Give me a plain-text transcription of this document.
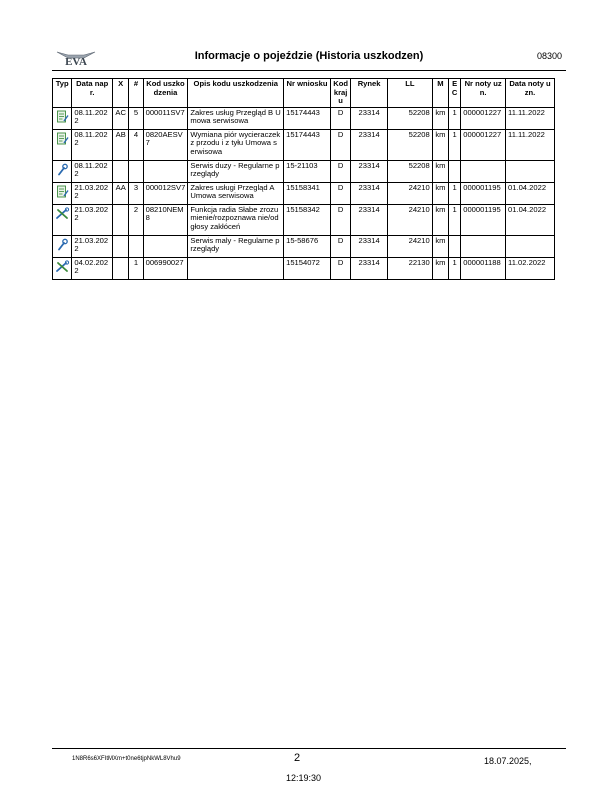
EVA	Informacje o pojeździe (Historia uszkodzen)	08300
Typ	Data napr.	X	#	Kod uszkodzenia	Opis kodu uszkodzenia	Nr wniosku	Kod kraju	Rynek	LL	M	E C	Nr noty uzn.	Data noty uzn.

	08.11.2022	AC	5	000011SV7	Zakres usług Przegląd B Umowa serwisowa	15174443	D	23314	52208	km	1	000001227	11.11.2022

	08.11.2022	AB	4	0820AESV7	Wymiana piór wycieraczek z przodu i z tyłu Umowa serwisowa	15174443	D	23314	52208	km	1	000001227	11.11.2022

	08.11.2022				Serwis duzy - Regularne przeglądy	15-21103	D	23314	52208	km			

	21.03.2022	AA	3	000012SV7	Zakres usługi Przegląd A Umowa serwisowa	15158341	D	23314	24210	km	1	000001195	01.04.2022

	21.03.2022		2	08210NEM8	Funkcja radia Słabe zrozumienie/rozpoznawa nie/odgłosy zakłóceń	15158342	D	23314	24210	km	1	000001195	01.04.2022

	21.03.2022				Serwis maly - Regularne przeglądy	15-58676	D	23314	24210	km			

	04.02.2022		1	006990027		15154072	D	23314	22130	km	1	000001188	11.02.2022
1N8R6s6XFItMXm+t0ne6tjpNkWL8Vhu9	2	18.07.2025,
12:19:30
